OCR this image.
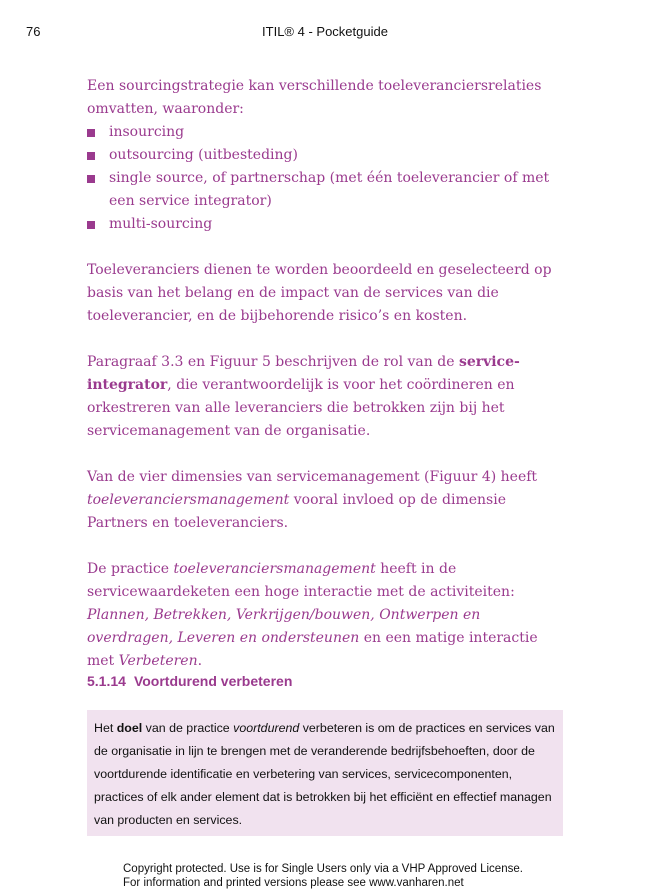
76	ITIL® 4 - Pocketguide

Een sourcingstrategie kan verschillende toeleveranciersrelaties omvatten, waaronder:

insourcing
outsourcing (uitbesteding)
single source, of partnerschap (met één toeleverancier of met een service integrator)
multi-sourcing

Toeleveranciers dienen te worden beoordeeld en geselecteerd op basis van het belang en de impact van de services van die toeleverancier, en de bijbehorende risico’s en kosten.

Paragraaf 3.3 en Figuur 5 beschrijven de rol van de service-integrator, die verantwoordelijk is voor het coördineren en orkestreren van alle leveranciers die betrokken zijn bij het servicemanagement van de organisatie.

Van de vier dimensies van servicemanagement (Figuur 4) heeft toeleveranciersmanagement vooral invloed op de dimensie Partners en toeleveranciers.

De practice toeleveranciersmanagement heeft in de servicewaardeketen een hoge interactie met de activiteiten: Plannen, Betrekken, Verkrijgen/bouwen, Ontwerpen en overdragen, Leveren en ondersteunen en een matige interactie met Verbeteren.

5.1.14 Voortdurend verbeteren
Het doel van de practice voortdurend verbeteren is om de practices en services van de organisatie in lijn te brengen met de veranderende bedrijfsbehoeften, door de voortdurende identificatie en verbetering van services, servicecomponenten, practices of elk ander element dat is betrokken bij het efficiënt en effectief managen van producten en services.
Copyright protected. Use is for Single Users only via a VHP Approved License.
For information and printed versions please see www.vanharen.net
